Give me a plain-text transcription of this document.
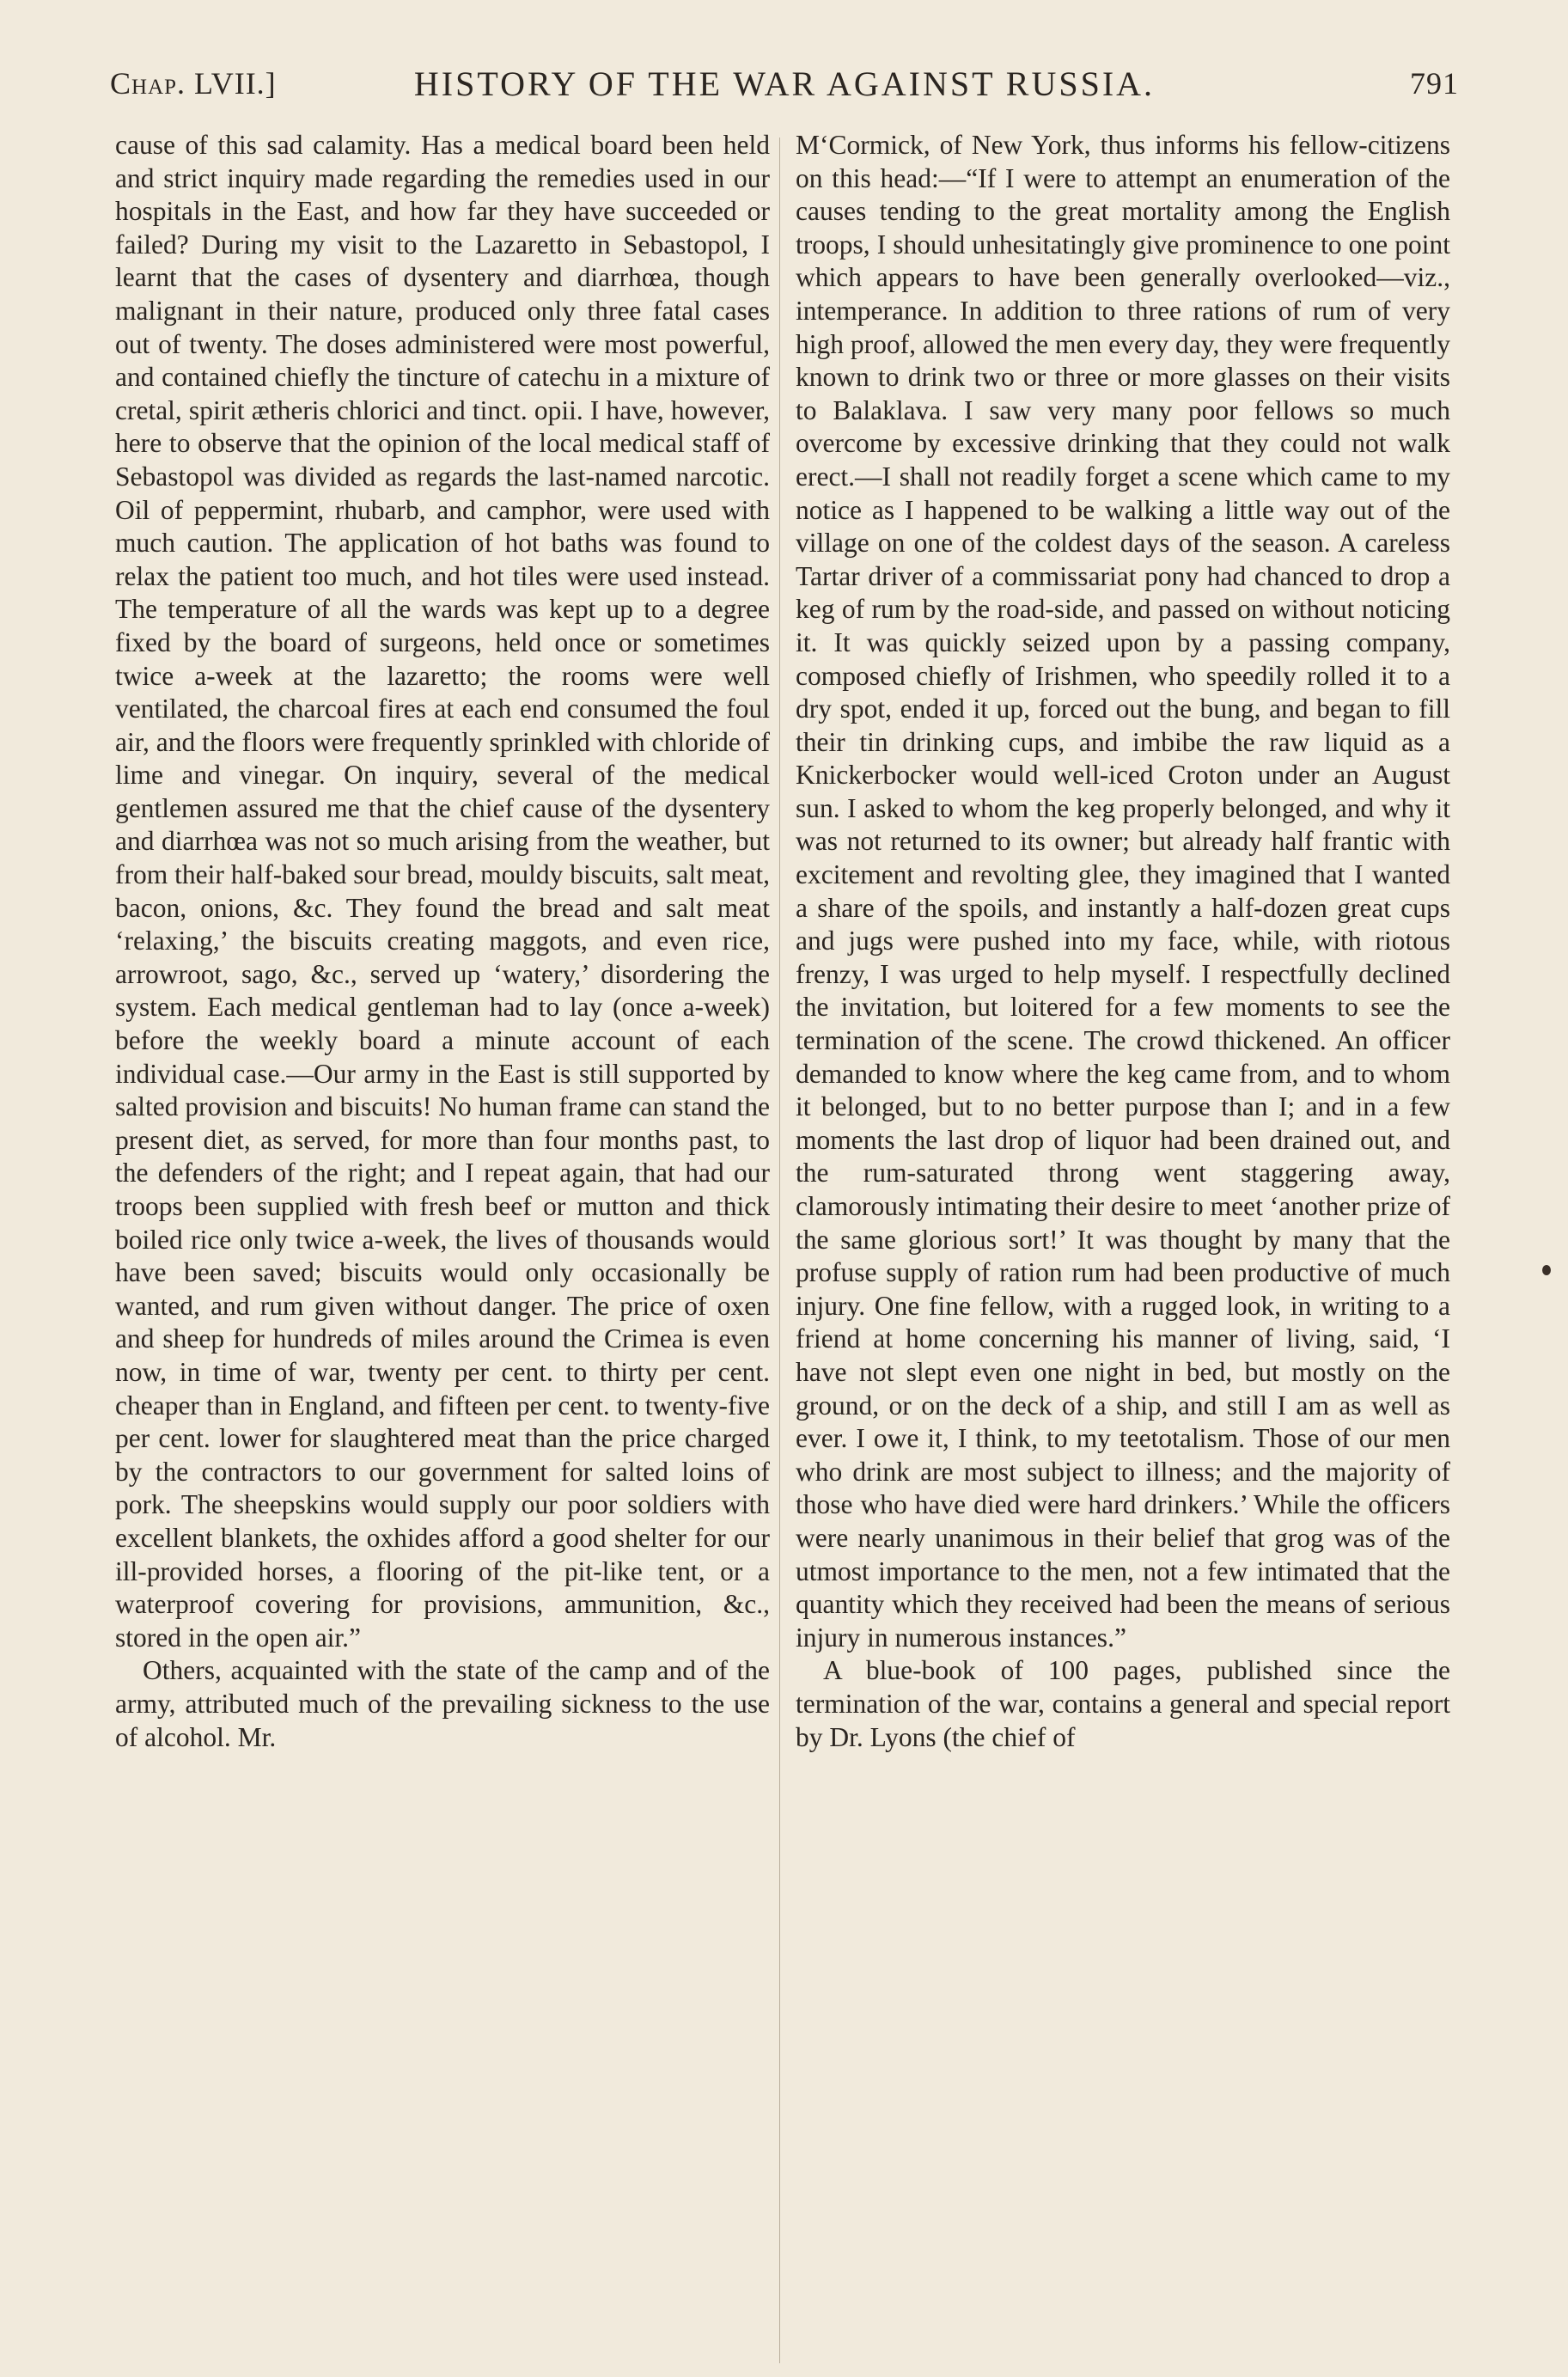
Chap. LVII.]	HISTORY OF THE WAR AGAINST RUSSIA.	791

cause of this sad calamity. Has a medical board been held and strict inquiry made regarding the remedies used in our hospitals in the East, and how far they have succeeded or failed? During my visit to the Lazaretto in Sebastopol, I learnt that the cases of dysentery and diarrhœa, though malignant in their nature, produced only three fatal cases out of twenty. The doses administered were most powerful, and contained chiefly the tincture of catechu in a mixture of cretal, spirit ætheris chlorici and tinct. opii. I have, however, here to observe that the opinion of the local medical staff of Sebastopol was divided as regards the last-named narcotic. Oil of peppermint, rhubarb, and camphor, were used with much caution. The application of hot baths was found to relax the patient too much, and hot tiles were used instead. The temperature of all the wards was kept up to a degree fixed by the board of surgeons, held once or sometimes twice a-week at the lazaretto; the rooms were well ventilated, the charcoal fires at each end consumed the foul air, and the floors were frequently sprinkled with chloride of lime and vinegar. On inquiry, several of the medical gentlemen assured me that the chief cause of the dysentery and diarrhœa was not so much arising from the weather, but from their half-baked sour bread, mouldy biscuits, salt meat, bacon, onions, &c. They found the bread and salt meat ‘relaxing,’ the biscuits creating maggots, and even rice, arrowroot, sago, &c., served up ‘watery,’ disordering the system. Each medical gentleman had to lay (once a-week) before the weekly board a minute account of each individual case.—Our army in the East is still supported by salted provision and biscuits! No human frame can stand the present diet, as served, for more than four months past, to the defenders of the right; and I repeat again, that had our troops been supplied with fresh beef or mutton and thick boiled rice only twice a-week, the lives of thousands would have been saved; biscuits would only occasionally be wanted, and rum given without danger. The price of oxen and sheep for hundreds of miles around the Crimea is even now, in time of war, twenty per cent. to thirty per cent. cheaper than in England, and fifteen per cent. to twenty-five per cent. lower for slaughtered meat than the price charged by the contractors to our government for salted loins of pork. The sheepskins would supply our poor soldiers with excellent blankets, the oxhides afford a good shelter for our ill-provided horses, a flooring of the pit-like tent, or a waterproof covering for provisions, ammunition, &c., stored in the open air.”

Others, acquainted with the state of the camp and of the army, attributed much of the prevailing sickness to the use of alcohol. Mr.

M‘Cormick, of New York, thus informs his fellow-citizens on this head:—“If I were to attempt an enumeration of the causes tending to the great mortality among the English troops, I should unhesitatingly give prominence to one point which appears to have been generally overlooked—viz., intemperance. In addition to three rations of rum of very high proof, allowed the men every day, they were frequently known to drink two or three or more glasses on their visits to Balaklava. I saw very many poor fellows so much overcome by excessive drinking that they could not walk erect.—I shall not readily forget a scene which came to my notice as I happened to be walking a little way out of the village on one of the coldest days of the season. A careless Tartar driver of a commissariat pony had chanced to drop a keg of rum by the road-side, and passed on without noticing it. It was quickly seized upon by a passing company, composed chiefly of Irishmen, who speedily rolled it to a dry spot, ended it up, forced out the bung, and began to fill their tin drinking cups, and imbibe the raw liquid as a Knickerbocker would well-iced Croton under an August sun. I asked to whom the keg properly belonged, and why it was not returned to its owner; but already half frantic with excitement and revolting glee, they imagined that I wanted a share of the spoils, and instantly a half-dozen great cups and jugs were pushed into my face, while, with riotous frenzy, I was urged to help myself. I respectfully declined the invitation, but loitered for a few moments to see the termination of the scene. The crowd thickened. An officer demanded to know where the keg came from, and to whom it belonged, but to no better purpose than I; and in a few moments the last drop of liquor had been drained out, and the rum-saturated throng went staggering away, clamorously intimating their desire to meet ‘another prize of the same glorious sort!’ It was thought by many that the profuse supply of ration rum had been productive of much injury. One fine fellow, with a rugged look, in writing to a friend at home concerning his manner of living, said, ‘I have not slept even one night in bed, but mostly on the ground, or on the deck of a ship, and still I am as well as ever. I owe it, I think, to my teetotalism. Those of our men who drink are most subject to illness; and the majority of those who have died were hard drinkers.’ While the officers were nearly unanimous in their belief that grog was of the utmost importance to the men, not a few intimated that the quantity which they received had been the means of serious injury in numerous instances.”

A blue-book of 100 pages, published since the termination of the war, contains a general and special report by Dr. Lyons (the chief of
